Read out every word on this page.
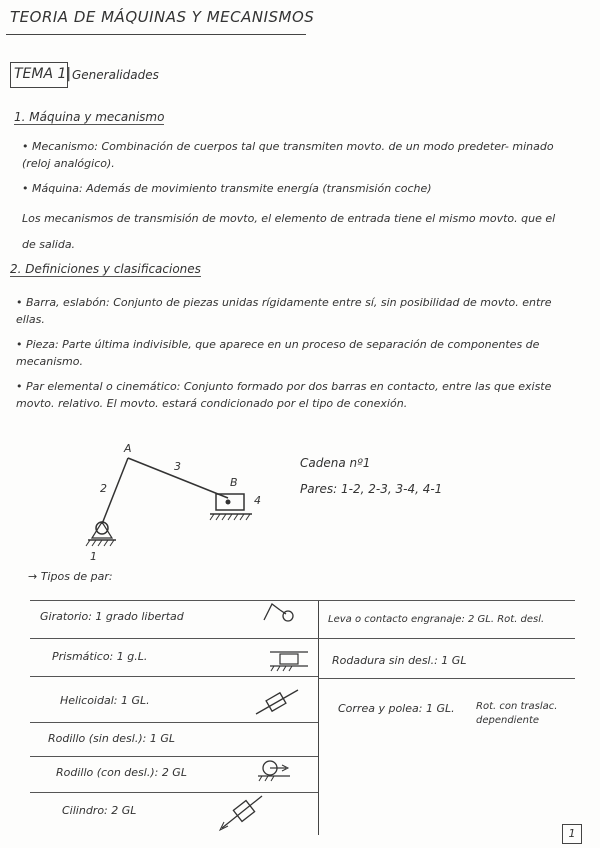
TEORIA DE MÁQUINAS Y MECANISMOS
TEMA 1| Generalidades
1. Máquina y mecanismo
• Mecanismo: Combinación de cuerpos tal que transmiten movto. de un modo predeter- minado (reloj analógico).
• Máquina: Además de movimiento transmite energía (transmisión coche)
Los mecanismos de transmisión de movto, el elemento de entrada tiene el mismo movto. que el de salida.
2. Definiciones y clasificaciones
• Barra, eslabón: Conjunto de piezas unidas rígidamente entre sí, sin posibilidad de movto. entre ellas.
• Pieza: Parte última indivisible, que aparece en un proceso de separación de componentes de mecanismo.
• Par elemental o cinemático: Conjunto formado por dos barras en contacto, entre las que existe movto. relativo. El movto. estará condicionado por el tipo de conexión.
A
B
2
3
4
1
Cadena nº1
Pares: 1-2, 2-3, 3-4, 4-1
→ Tipos de par:
Giratorio: 1 grado libertad
Prismático: 1 g.L.
Helicoidal: 1 GL.
Rodillo (sin desl.): 1 GL
Rodillo (con desl.): 2 GL
Cilindro: 2 GL
Leva o contacto engranaje: 2 GL. Rot. desl.
Rodadura sin desl.: 1 GL
Correa y polea: 1 GL. Rot. con traslac. dependiente
1
